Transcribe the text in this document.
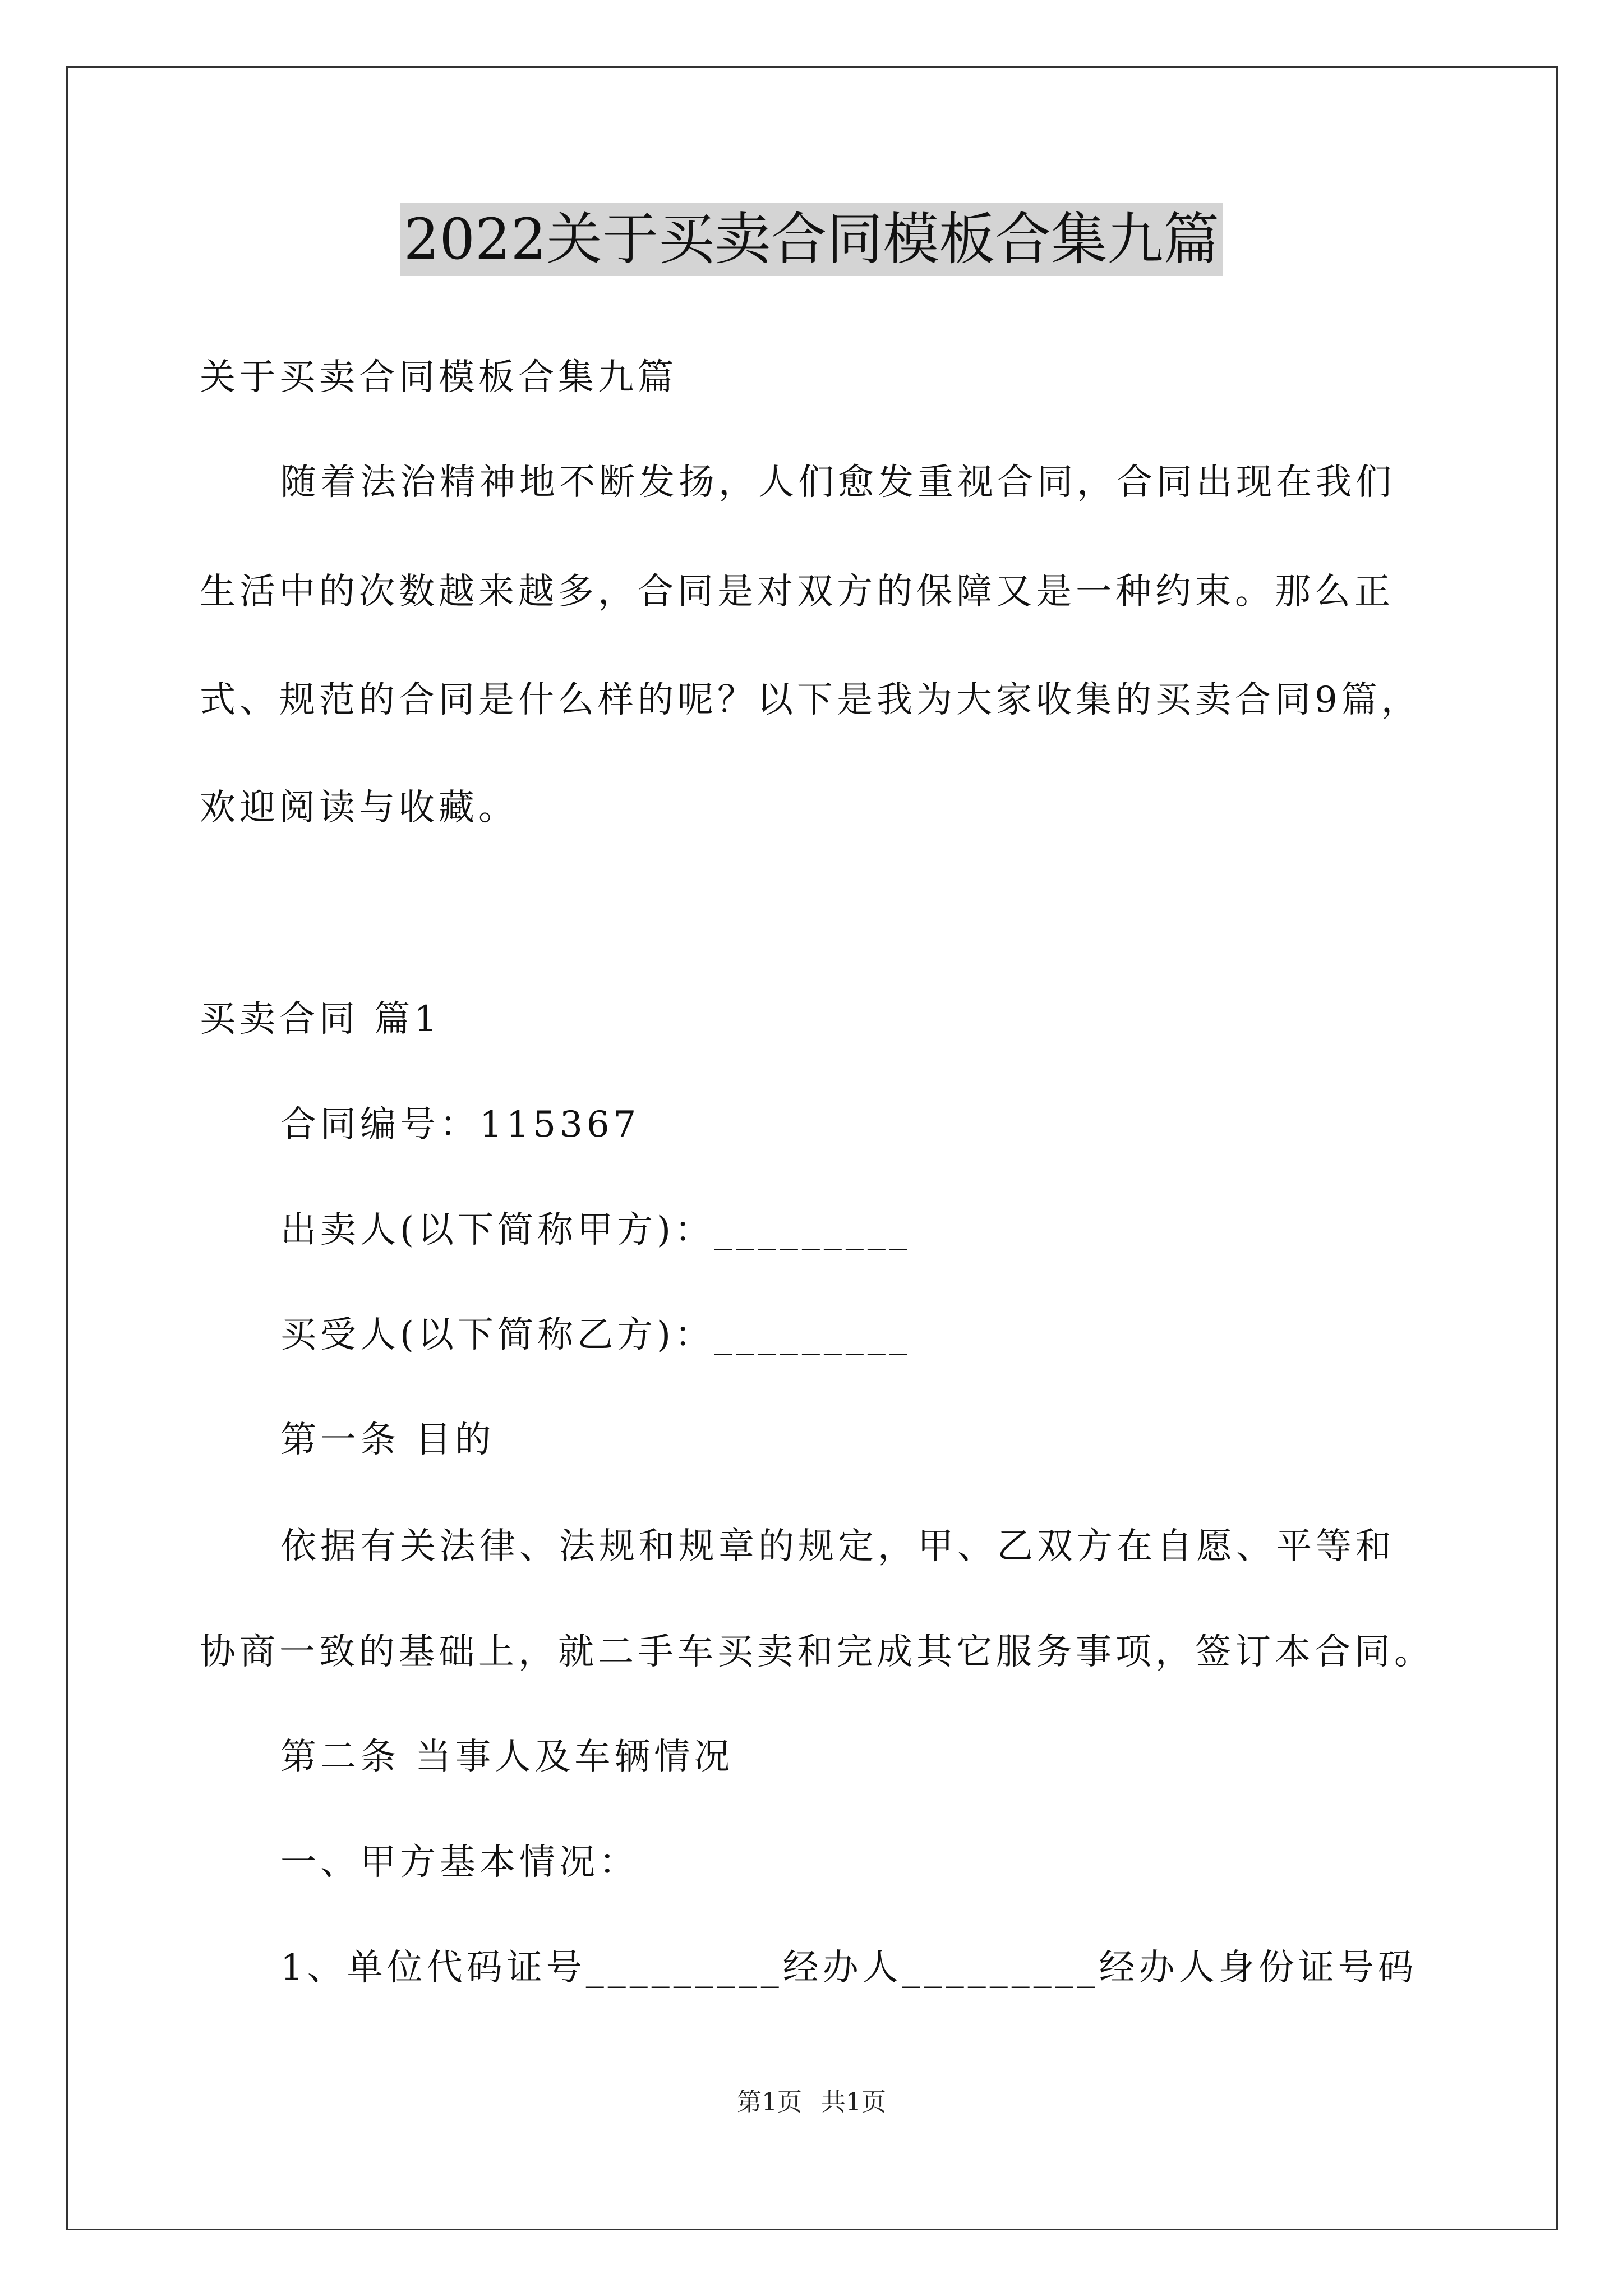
2022关于买卖合同模板合集九篇
关于买卖合同模板合集九篇
随着法治精神地不断发扬，人们愈发重视合同，合同出现在我们
生活中的次数越来越多，合同是对双方的保障又是一种约束。那么正
式、规范的合同是什么样的呢？以下是我为大家收集的买卖合同9篇，
欢迎阅读与收藏。
买卖合同 篇1
合同编号：115367
出卖人(以下简称甲方)：_________
买受人(以下简称乙方)：_________
第一条 目的
依据有关法律、法规和规章的规定，甲、乙双方在自愿、平等和
协商一致的基础上，就二手车买卖和完成其它服务事项，签订本合同。
第二条 当事人及车辆情况
一、甲方基本情况：
1、单位代码证号_________经办人_________经办人身份证号码
第1页 共1页
